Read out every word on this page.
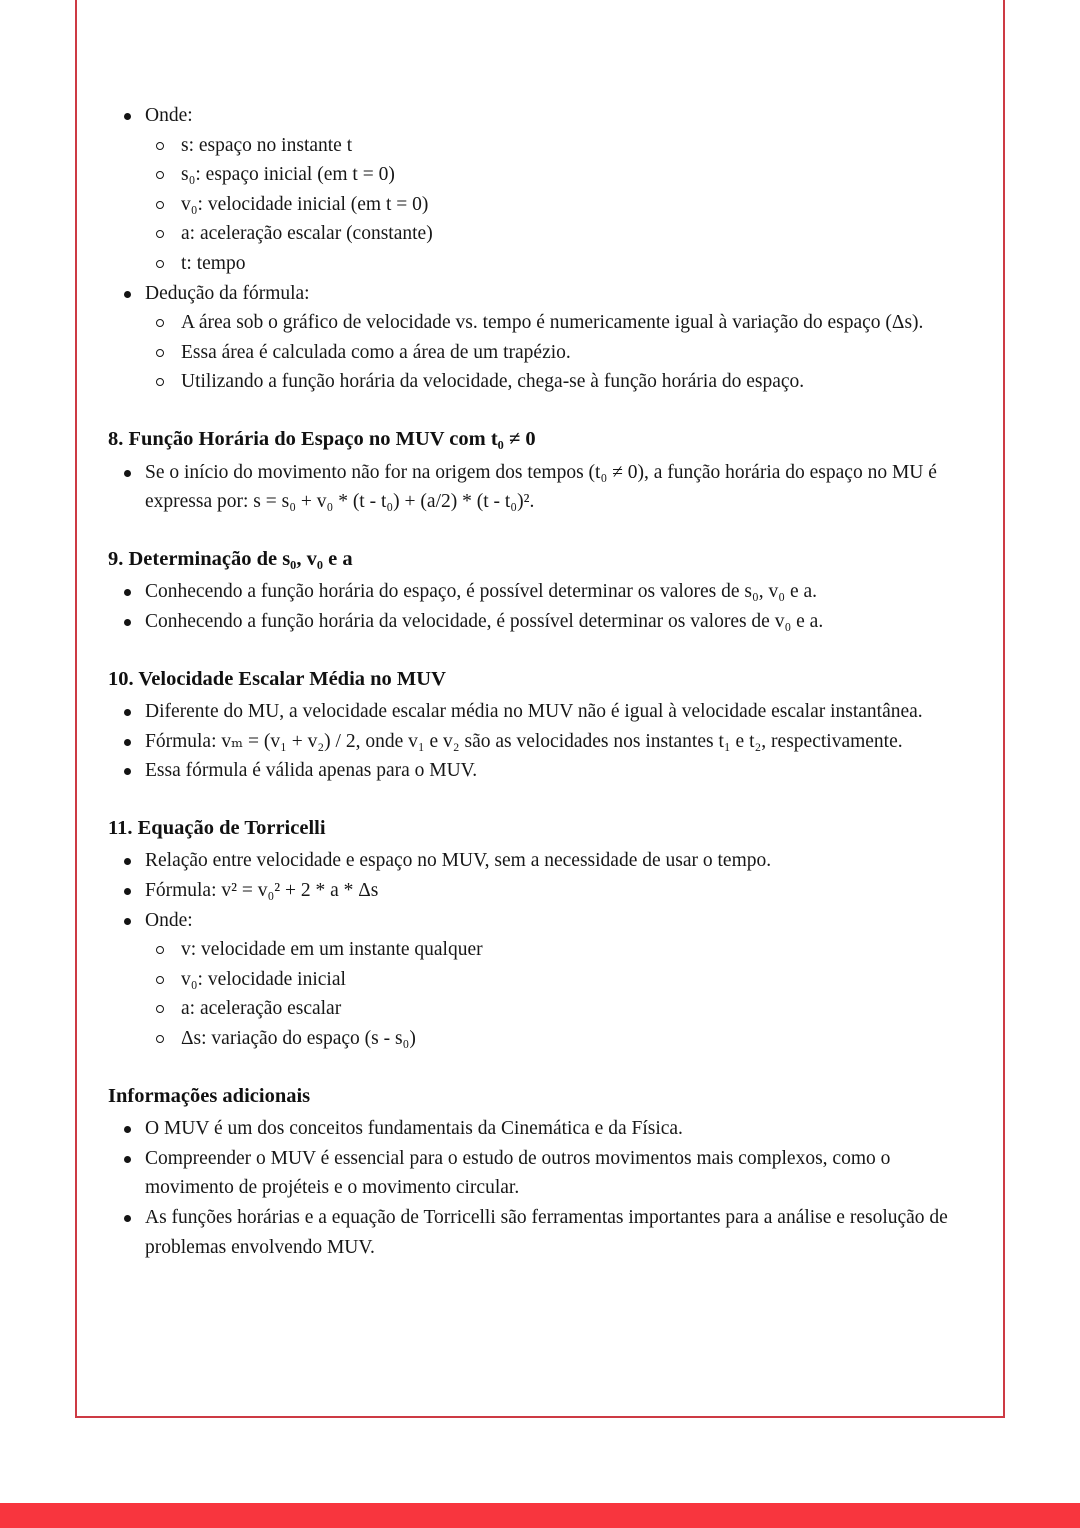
Onde:
s: espaço no instante t
s₀: espaço inicial (em t = 0)
v₀: velocidade inicial (em t = 0)
a: aceleração escalar (constante)
t: tempo
Dedução da fórmula:
A área sob o gráfico de velocidade vs. tempo é numericamente igual à variação do espaço (Δs).
Essa área é calculada como a área de um trapézio.
Utilizando a função horária da velocidade, chega-se à função horária do espaço.
8. Função Horária do Espaço no MUV com t₀ ≠ 0
Se o início do movimento não for na origem dos tempos (t₀ ≠ 0), a função horária do espaço no MU é expressa por: s = s₀ + v₀ * (t - t₀) + (a/2) * (t - t₀)².
9. Determinação de s₀, v₀ e a
Conhecendo a função horária do espaço, é possível determinar os valores de s₀, v₀ e a.
Conhecendo a função horária da velocidade, é possível determinar os valores de v₀ e a.
10. Velocidade Escalar Média no MUV
Diferente do MU, a velocidade escalar média no MUV não é igual à velocidade escalar instantânea.
Fórmula: vₘ = (v₁ + v₂) / 2, onde v₁ e v₂ são as velocidades nos instantes t₁ e t₂, respectivamente.
Essa fórmula é válida apenas para o MUV.
11. Equação de Torricelli
Relação entre velocidade e espaço no MUV, sem a necessidade de usar o tempo.
Fórmula: v² = v₀² + 2 * a * Δs
Onde:
v: velocidade em um instante qualquer
v₀: velocidade inicial
a: aceleração escalar
Δs: variação do espaço (s - s₀)
Informações adicionais
O MUV é um dos conceitos fundamentais da Cinemática e da Física.
Compreender o MUV é essencial para o estudo de outros movimentos mais complexos, como o movimento de projéteis e o movimento circular.
As funções horárias e a equação de Torricelli são ferramentas importantes para a análise e resolução de problemas envolvendo MUV.
